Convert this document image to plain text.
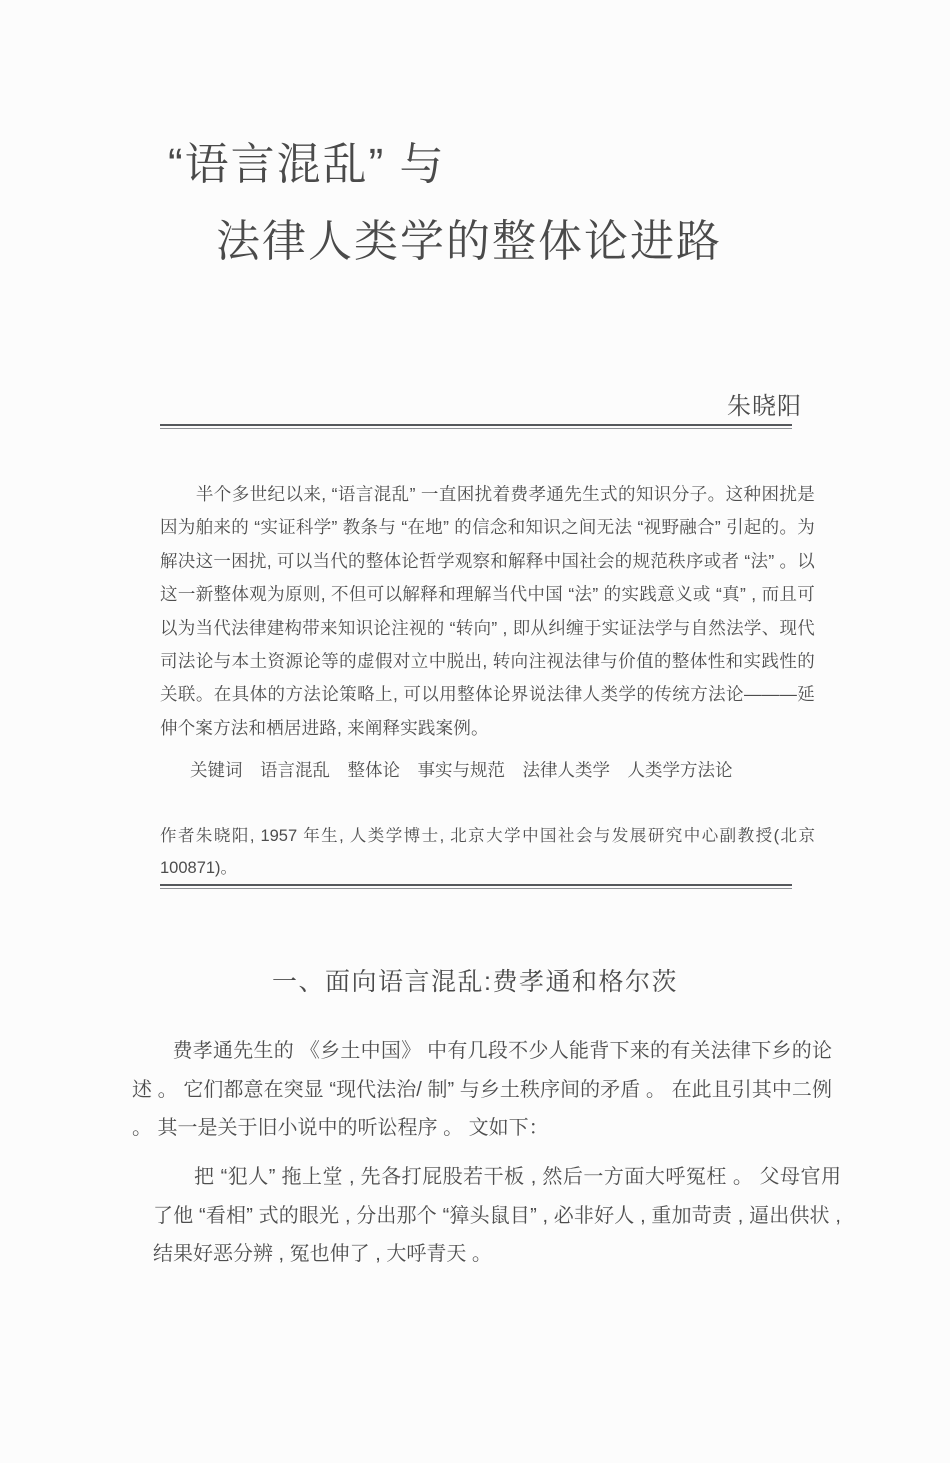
“语言混乱” 与
法律人类学的整体论进路
朱晓阳

　　半个多世纪以来, “语言混乱” 一直困扰着费孝通先生式的知识分子。这种困扰是因为舶来的 “实证科学” 教条与 “在地” 的信念和知识之间无法 “视野融合” 引起的。为解决这一困扰, 可以当代的整体论哲学观察和解释中国社会的规范秩序或者 “法” 。以这一新整体观为原则, 不但可以解释和理解当代中国 “法” 的实践意义或 “真” , 而且可以为当代法律建构带来知识论注视的 “转向” , 即从纠缠于实证法学与自然法学、现代司法论与本土资源论等的虚假对立中脱出, 转向注视法律与价值的整体性和实践性的关联。在具体的方法论策略上, 可以用整体论界说法律人类学的传统方法论———延伸个案方法和栖居进路, 来阐释实践案例。

关键词　语言混乱　整体论　事实与规范　法律人类学　人类学方法论
作者朱晓阳, 1957 年生, 人类学博士, 北京大学中国社会与发展研究中心副教授(北京 100871)。
一、面向语言混乱:费孝通和格尔茨
　　费孝通先生的 《乡土中国》 中有几段不少人能背下来的有关法律下乡的论述 。 它们都意在突显 “现代法治/ 制” 与乡土秩序间的矛盾 。 在此且引其中二例 。 其一是关于旧小说中的听讼程序 。 文如下：
　　把 “犯人” 拖上堂 , 先各打屁股若干板 , 然后一方面大呼冤枉 。 父母官用了他 “看相” 式的眼光 , 分出那个 “獐头鼠目” , 必非好人 , 重加苛责 , 逼出供状 , 结果好恶分辨 , 冤也伸了 , 大呼青天 。
